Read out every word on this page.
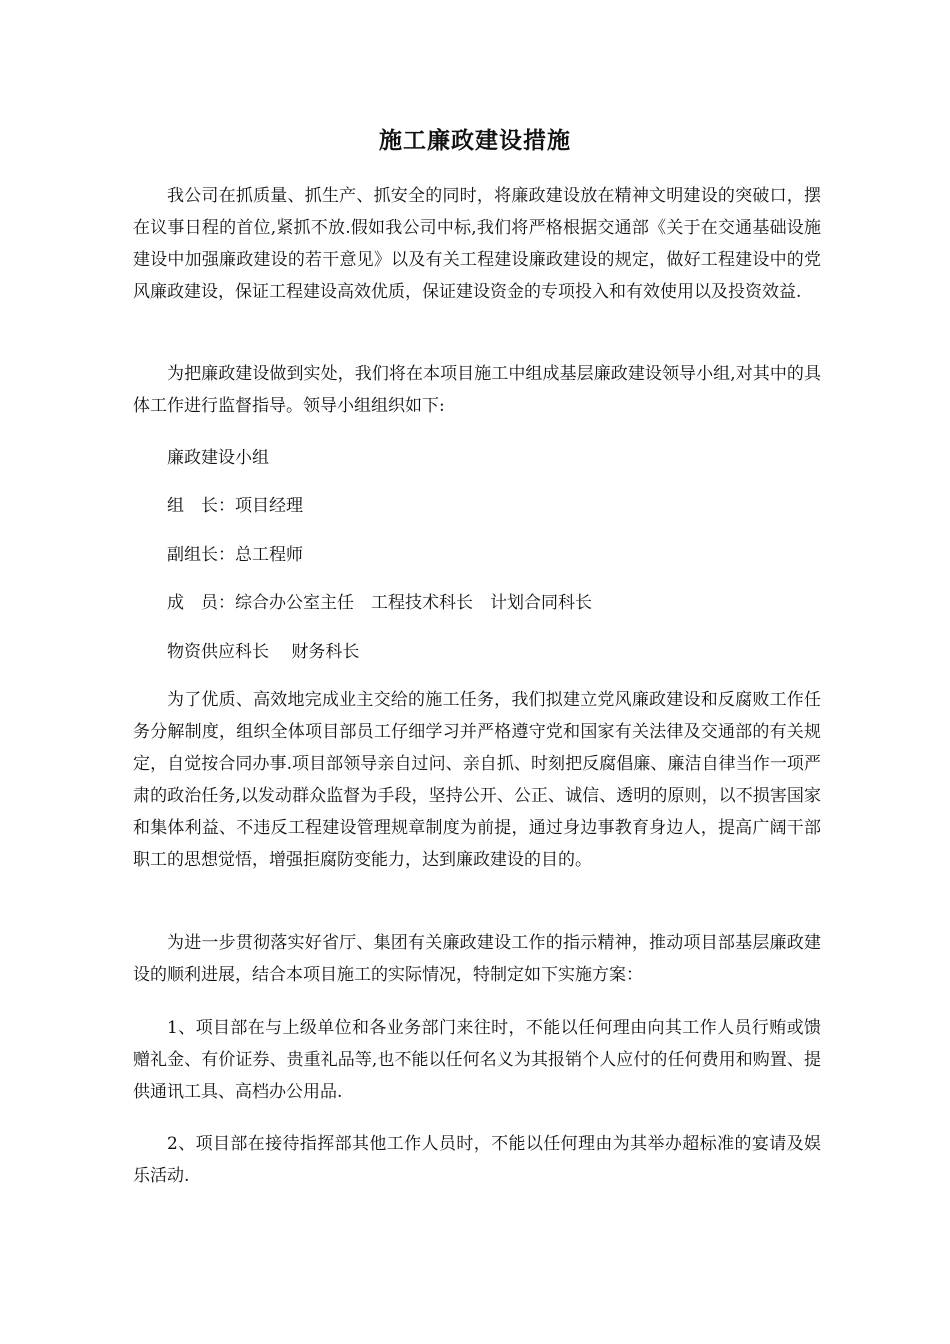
施工廉政建设措施

我公司在抓质量、抓生产、抓安全的同时，将廉政建设放在精神文明建设的突破口，摆在议事日程的首位,紧抓不放.假如我公司中标,我们将严格根据交通部《关于在交通基础设施建设中加强廉政建设的若干意见》以及有关工程建设廉政建设的规定，做好工程建设中的党风廉政建设，保证工程建设高效优质，保证建设资金的专项投入和有效使用以及投资效益.

为把廉政建设做到实处，我们将在本项目施工中组成基层廉政建设领导小组,对其中的具体工作进行监督指导。领导小组组织如下:

廉政建设小组

组　长：项目经理

副组长：总工程师

成　员：综合办公室主任　工程技术科长　计划合同科长

物资供应科长　 财务科长

为了优质、高效地完成业主交给的施工任务，我们拟建立党风廉政建设和反腐败工作任务分解制度，组织全体项目部员工仔细学习并严格遵守党和国家有关法律及交通部的有关规定，自觉按合同办事.项目部领导亲自过问、亲自抓、时刻把反腐倡廉、廉洁自律当作一项严肃的政治任务,以发动群众监督为手段，坚持公开、公正、诚信、透明的原则，以不损害国家和集体利益、不违反工程建设管理规章制度为前提，通过身边事教育身边人，提高广阔干部职工的思想觉悟，增强拒腐防变能力，达到廉政建设的目的。

为进一步贯彻落实好省厅、集团有关廉政建设工作的指示精神，推动项目部基层廉政建设的顺利进展，结合本项目施工的实际情况，特制定如下实施方案：

1、项目部在与上级单位和各业务部门来往时，不能以任何理由向其工作人员行贿或馈赠礼金、有价证券、贵重礼品等,也不能以任何名义为其报销个人应付的任何费用和购置、提供通讯工具、高档办公用品.

2、项目部在接待指挥部其他工作人员时，不能以任何理由为其举办超标准的宴请及娱乐活动.
